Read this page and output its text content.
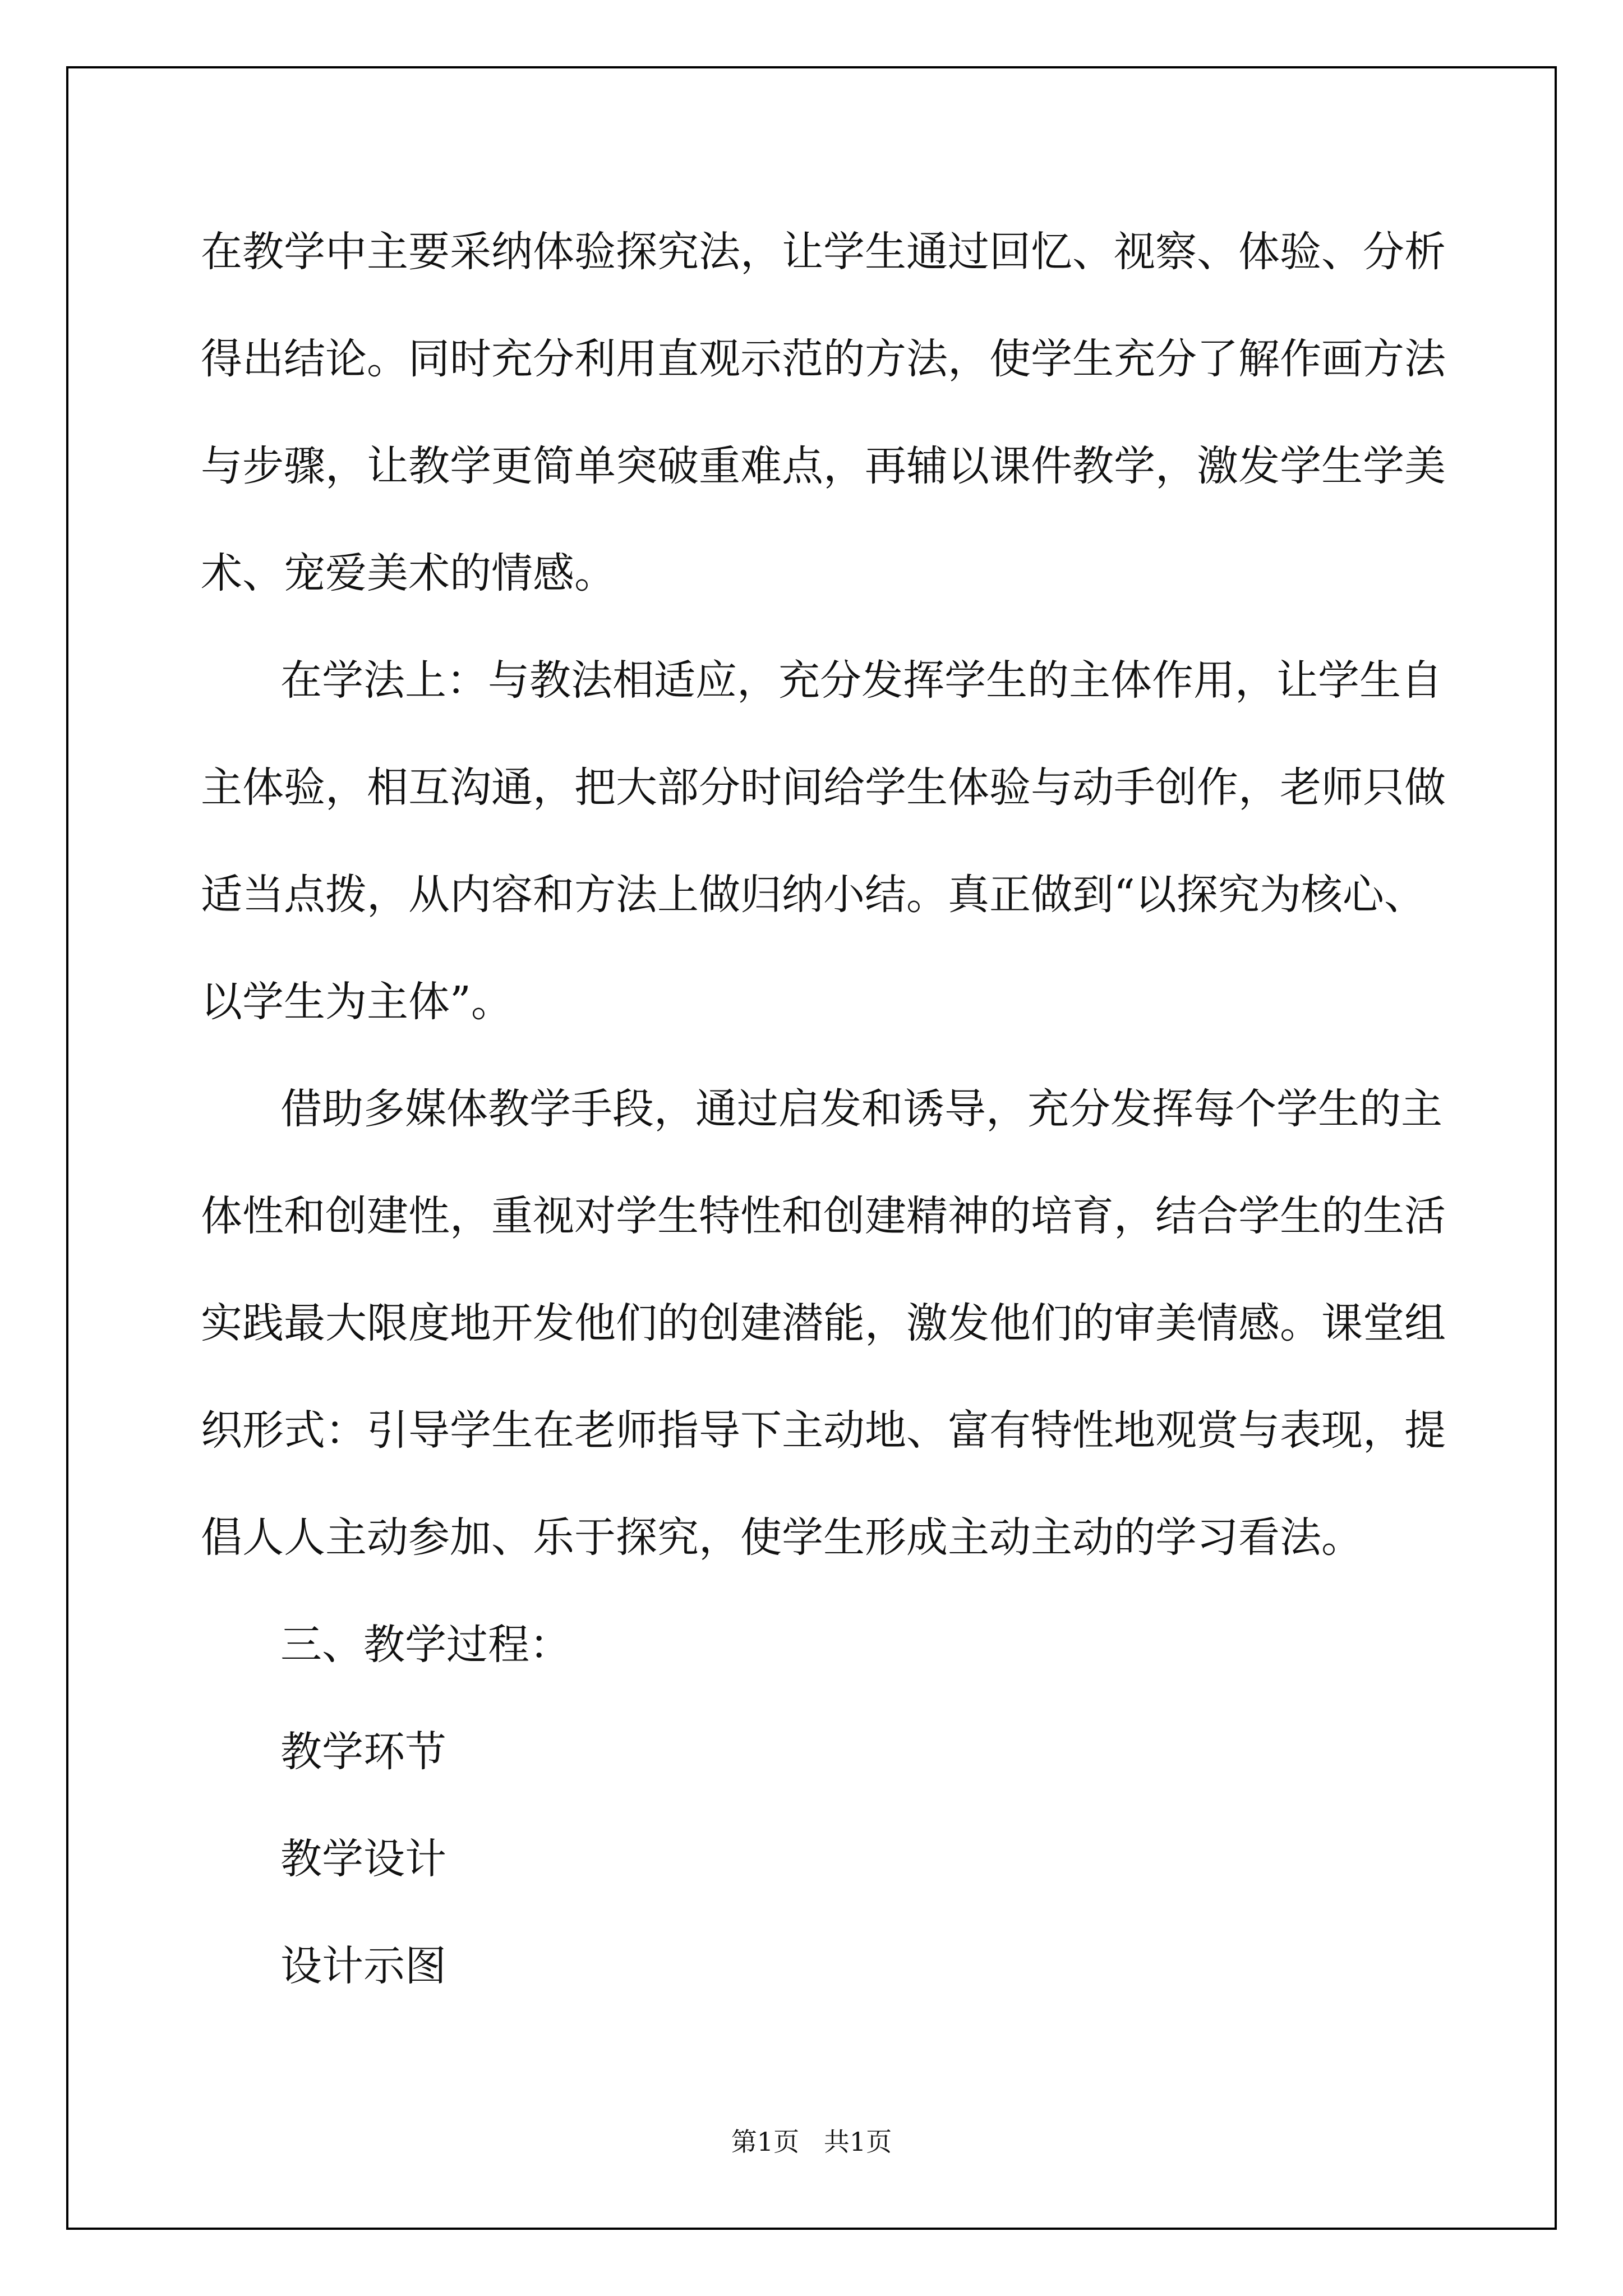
在教学中主要采纳体验探究法，让学生通过回忆、视察、体验、分析
得出结论。同时充分利用直观示范的方法，使学生充分了解作画方法
与步骤，让教学更简单突破重难点，再辅以课件教学，激发学生学美
术、宠爱美术的情感。
在学法上：与教法相适应，充分发挥学生的主体作用，让学生自
主体验，相互沟通，把大部分时间给学生体验与动手创作，老师只做
适当点拨，从内容和方法上做归纳小结。真正做到“以探究为核心、
以学生为主体”。
借助多媒体教学手段，通过启发和诱导，充分发挥每个学生的主
体性和创建性，重视对学生特性和创建精神的培育，结合学生的生活
实践最大限度地开发他们的创建潜能，激发他们的审美情感。课堂组
织形式：引导学生在老师指导下主动地、富有特性地观赏与表现，提
倡人人主动参加、乐于探究，使学生形成主动主动的学习看法。
三、教学过程：
教学环节
教学设计
设计示图
第1页   共1页
